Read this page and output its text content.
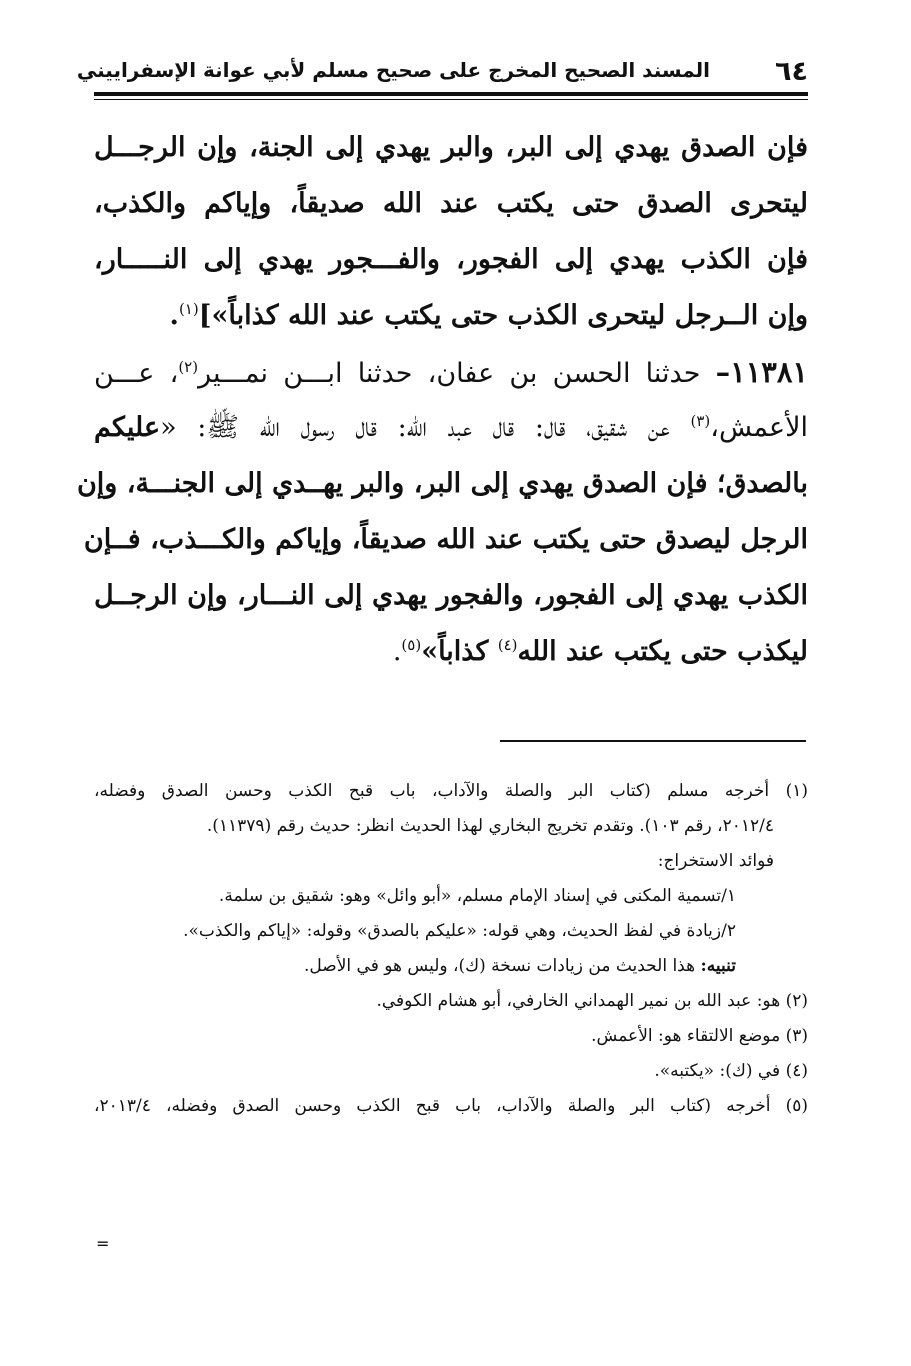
٦٤
المسند الصحيح المخرج على صحيح مسلم لأبي عوانة الإسفراييني
فإن الصدق يهدي إلى البر، والبر يهدي إلى الجنة، وإن الرجـــل
ليتحرى الصدق حتى يكتب عند الله صديقاً، وإياكم والكذب،
فإن الكذب يهدي إلى الفجور، والفـــجور يهدي إلى النـــــار،
وإن الــرجل ليتحرى الكذب حتى يكتب عند الله كذاباً»]$^{(١)}$.
١١٣٨١– حدثنا الحسن بن عفان، حدثنا ابـــن نمـــير$^{(٢)}$، عـــن
الأعمش،$^{(٣)}$ عن شقيق، قال: قال عبد الله: قال رسول الله ﷺ: «عليكم
بالصدق؛ فإن الصدق يهدي إلى البر، والبر يهــدي إلى الجنـــة، وإن
الرجل ليصدق حتى يكتب عند الله صديقاً، وإياكم والكـــذب، فــإن
الكذب يهدي إلى الفجور، والفجور يهدي إلى النـــار، وإن الرجــل
ليكذب حتى يكتب عند الله$^{(٤)}$ كذاباً»$^{(٥)}$.
(١) أخرجه مسلم (كتاب البر والصلة والآداب، باب قبح الكذب وحسن الصدق وفضله،
٢٠١٢/٤، رقم ١٠٣). وتقدم تخريج البخاري لهذا الحديث انظر: حديث رقم (١١٣٧٩).
فوائد الاستخراج:
١/تسمية المكنى في إسناد الإمام مسلم، «أبو وائل» وهو: شقيق بن سلمة.
٢/زيادة في لفظ الحديث، وهي قوله: «عليكم بالصدق» وقوله: «إياكم والكذب».
تنبيه: هذا الحديث من زيادات نسخة (ك)، وليس هو في الأصل.
(٢) هو: عبد الله بن نمير الهمداني الخارفي، أبو هشام الكوفي.
(٣) موضع الالتقاء هو: الأعمش.
(٤) في (ك): «يكتبه».
(٥) أخرجه (كتاب البر والصلة والآداب، باب قبح الكذب وحسن الصدق وفضله، ٢٠١٣/٤،
=
